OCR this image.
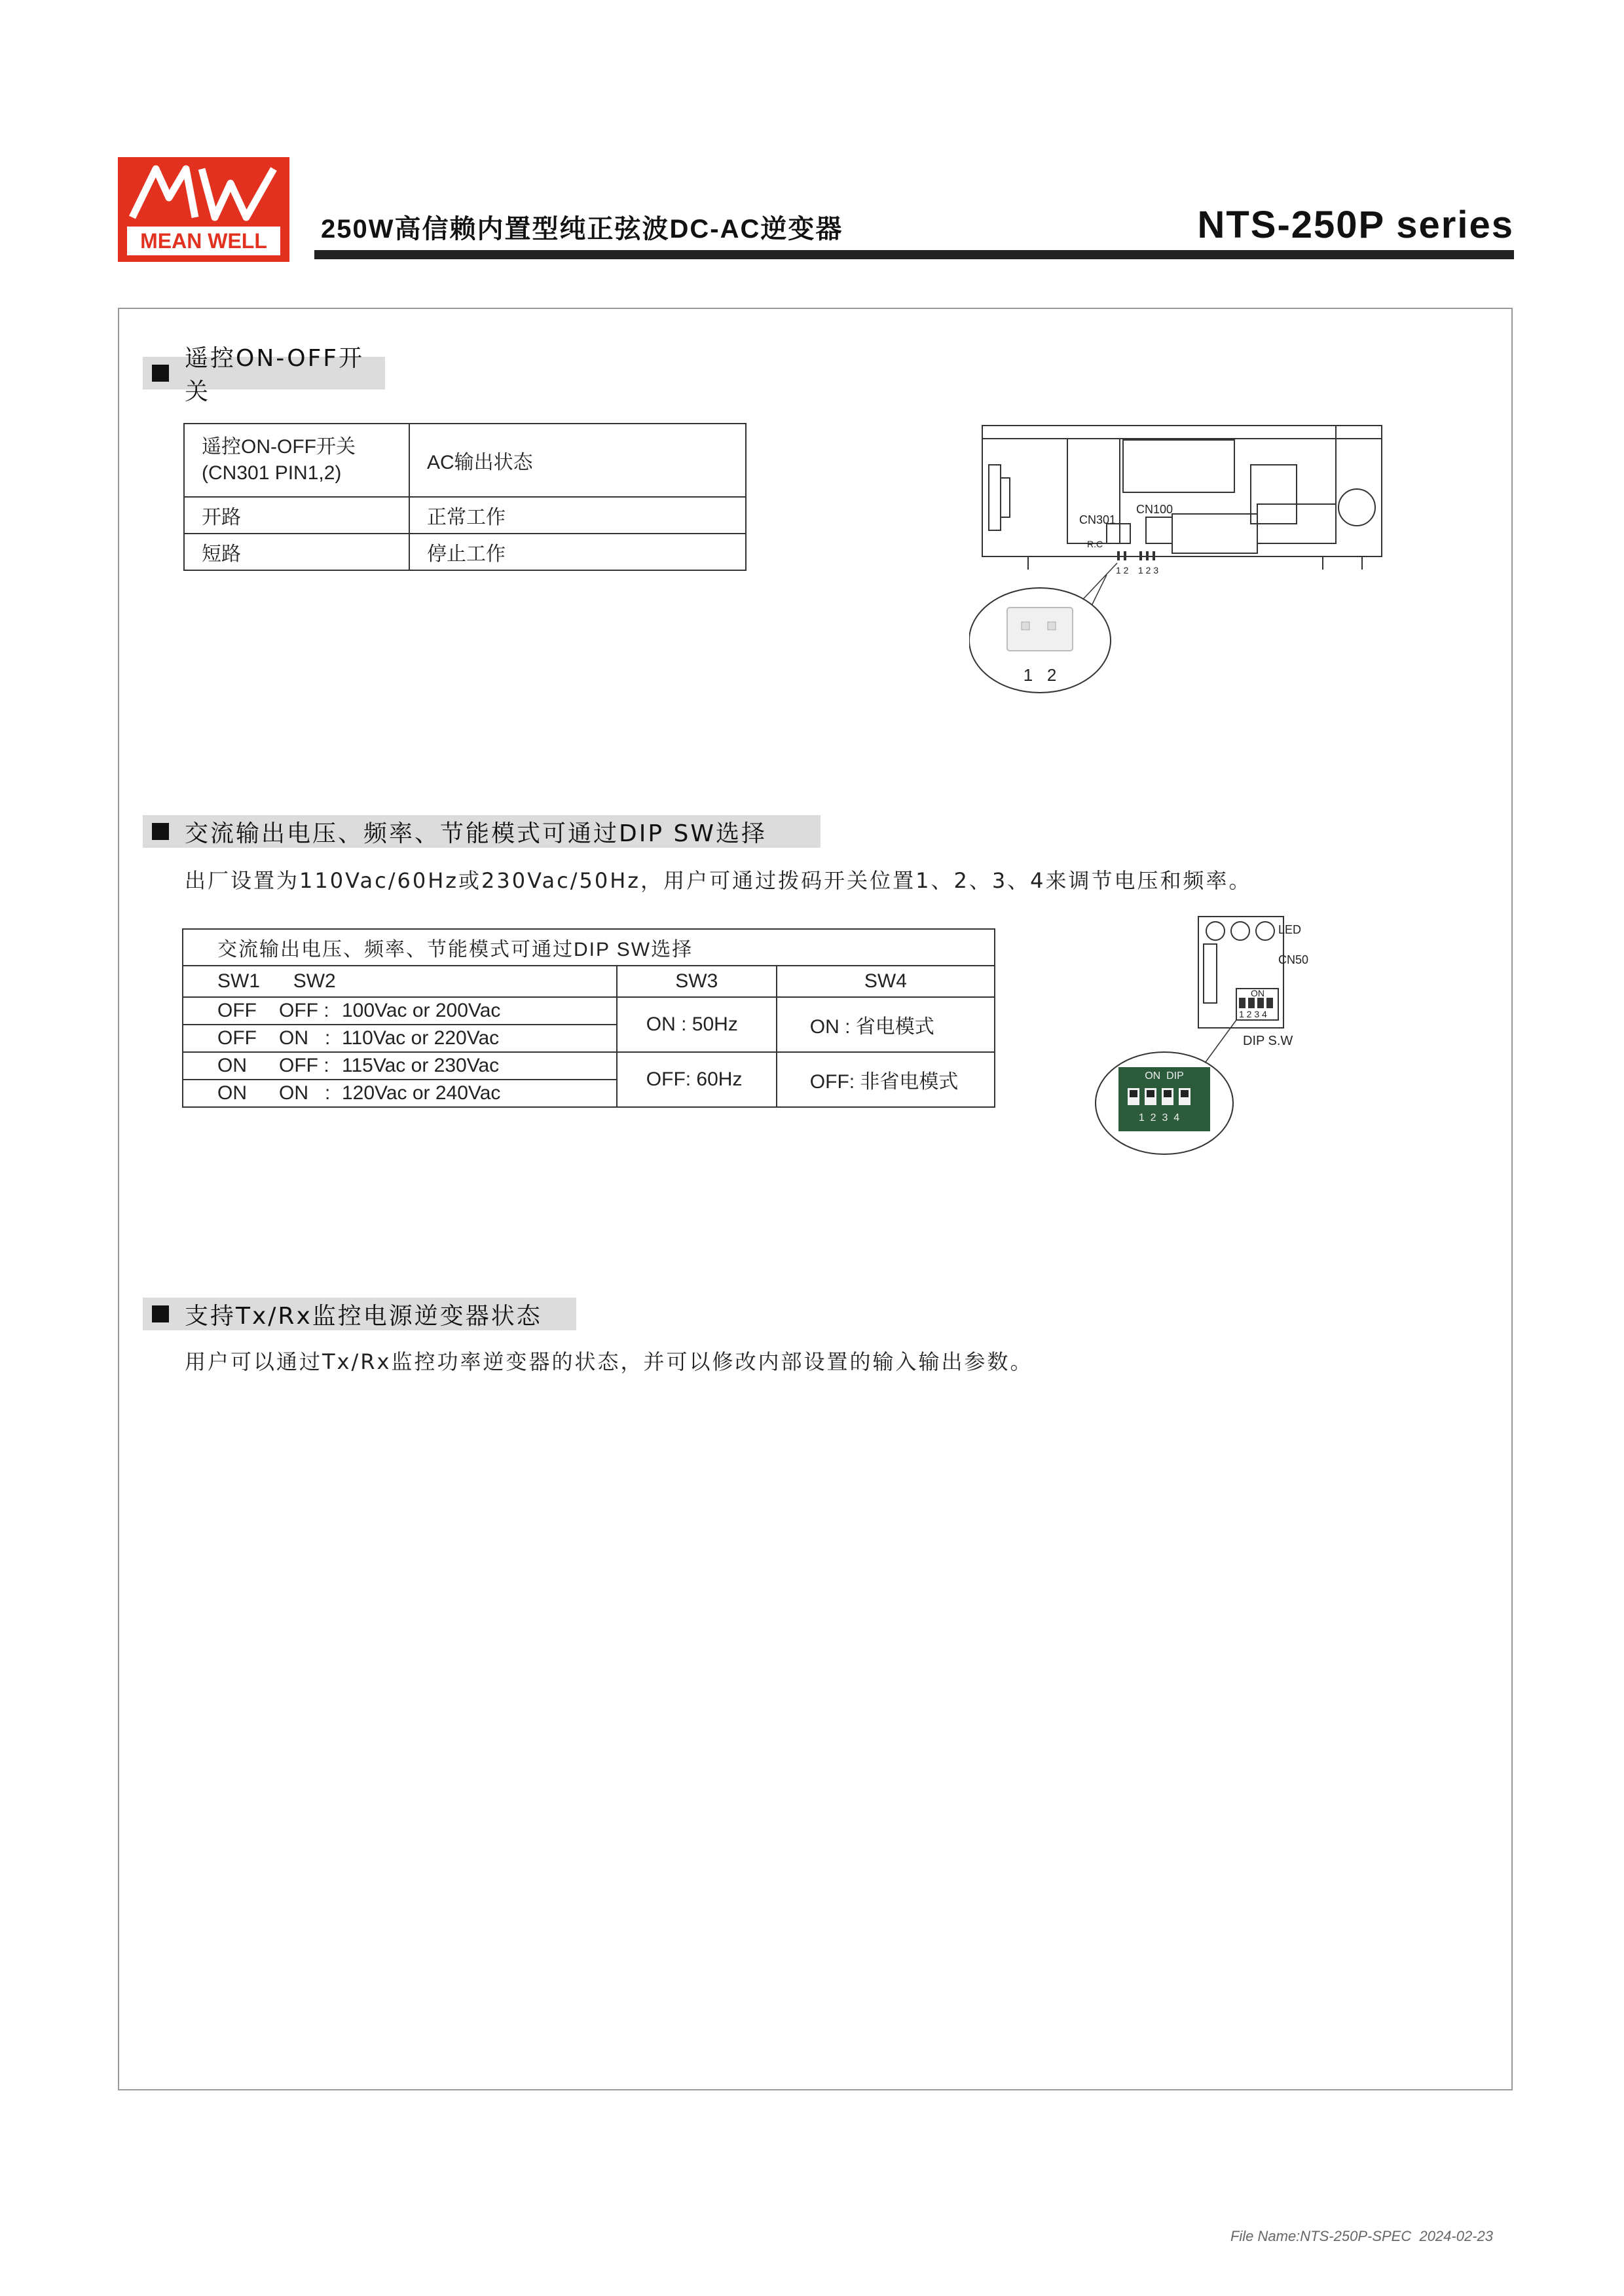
MEAN WELL	250W高信赖内置型纯正弦波DC-AC逆变器	NTS-250P series
遥控ON-OFF开关
遥控ON-OFF开关
(CN301 PIN1,2)	AC输出状态
开路	正常工作
短路	停止工作
CN301
CN100
R.C
1 2 1 2 3
1   2
交流输出电压、频率、节能模式可通过DIP SW选择
出厂设置为110Vac/60Hz或230Vac/50Hz，用户可通过拨码开关位置1、2、3、4来调节电压和频率。
交流输出电压、频率、节能模式可通过DIP SW选择		
SW1 SW2	SW3	SW4
OFF OFF : 100Vac or 200Vac	ON : 50Hz	ON : 省电模式
OFF ON   : 110Vac or 220Vac		
ON OFF : 115Vac or 230Vac	OFF: 60Hz	OFF: 非省电模式
ON ON   : 120Vac or 240Vac		
LED
CN50
ON
1 2 3 4
DIP S.W
ON  DIP
1  2  3  4
支持Tx/Rx监控电源逆变器状态
用户可以通过Tx/Rx监控功率逆变器的状态，并可以修改内部设置的输入输出参数。
File Name:NTS-250P-SPEC  2024-02-23
